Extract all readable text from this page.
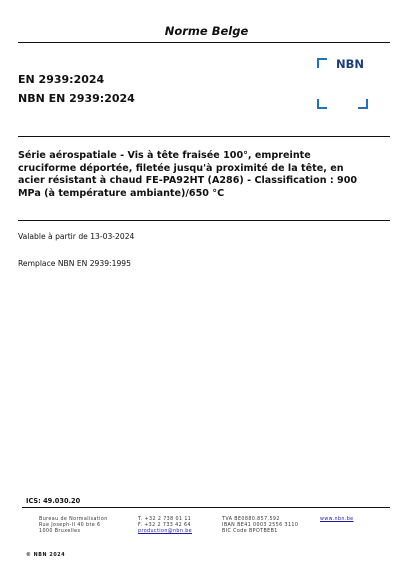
Norme Belge
EN 2939:2024
NBN EN 2939:2024
NBN
Série aérospatiale - Vis à tête fraisée 100°, empreinte
cruciforme déportée, filetée jusqu'à proximité de la tête, en
acier résistant à chaud FE-PA92HT (A286) - Classification : 900
MPa (à température ambiante)/650 °C
Valable à partir de 13-03-2024
Remplace NBN EN 2939:1995
ICS: 49.030.20
Bureau de Normalisation
Rue Joseph-II 40 bte 6
1000 Bruxelles
T. +32 2 738 01 11
F. +32 2 733 42 64
production@nbn.be
TVA BE0880.857.592
IBAN BE41 0003 2556 3110
BIC Code BPOTBEB1
www.nbn.be
© NBN 2024
